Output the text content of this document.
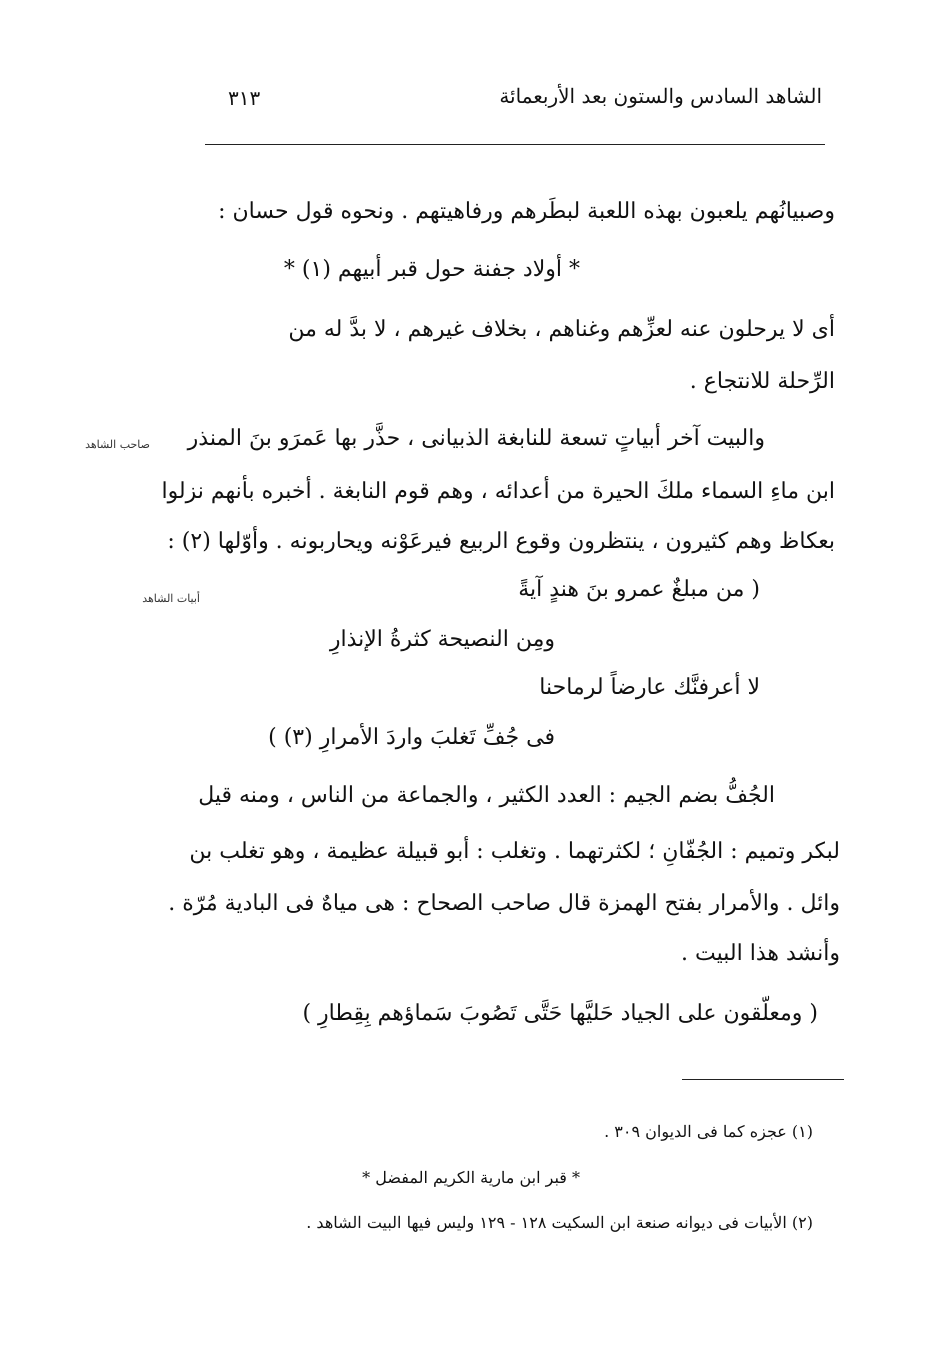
الشاهد السادس والستون بعد الأربعمائة
٣١٣
وصبيانُهم يلعبون بهذه اللعبة لبطَرهم ورفاهيتهم . ونحوه قول حسان :
* أولاد جفنة حول قبر أبيهم (١) *
أى لا يرحلون عنه لعزِّهم وغناهم ، بخلاف غيرهم ، لا بدَّ له من
الرِّحلة للانتجاع .
والبيت آخر أبياتٍ تسعة للنابغة الذبيانى ، حذَّر بها عَمرَو بنَ المنذر
صاحب الشاهد
ابن ماءِ السماء ملكَ الحيرة من أعدائه ، وهم قوم النابغة . أخبره بأنهم نزلوا
بعكاظ وهم كثيرون ، ينتظرون وقوع الربيع فيرعَوْنه ويحاربونه . وأوّلها (٢) :
( من مبلغٌ عمرو بنَ هندٍ آيةً
أبيات الشاهد
ومِن النصيحة كثرةُ الإنذارِ
لا أعرفنَّك عارضاً لرماحنا
فى جُفِّ تَغلبَ واردَ الأمرارِ (٣) )
الجُفُّ بضم الجيم : العدد الكثير ، والجماعة من الناس ، ومنه قيل
لبكر وتميم : الجُفّانِ ؛ لكثرتهما . وتغلب : أبو قبيلة عظيمة ، وهو تغلب بن
وائل . والأمرار بفتح الهمزة قال صاحب الصحاح : هى مياهٌ فى البادية مُرّة .
وأنشد هذا البيت .
( ومعلّقون على الجياد حَليَّها حَتَّى تَصُوبَ سَماؤهم بِقِطارِ )
(١) عجزه كما فى الديوان ٣٠٩ .
* قبر ابن مارية الكريم المفضل *
(٢) الأبيات فى ديوانه صنعة ابن السكيت ١٢٨ - ١٢٩ وليس فيها البيت الشاهد .
